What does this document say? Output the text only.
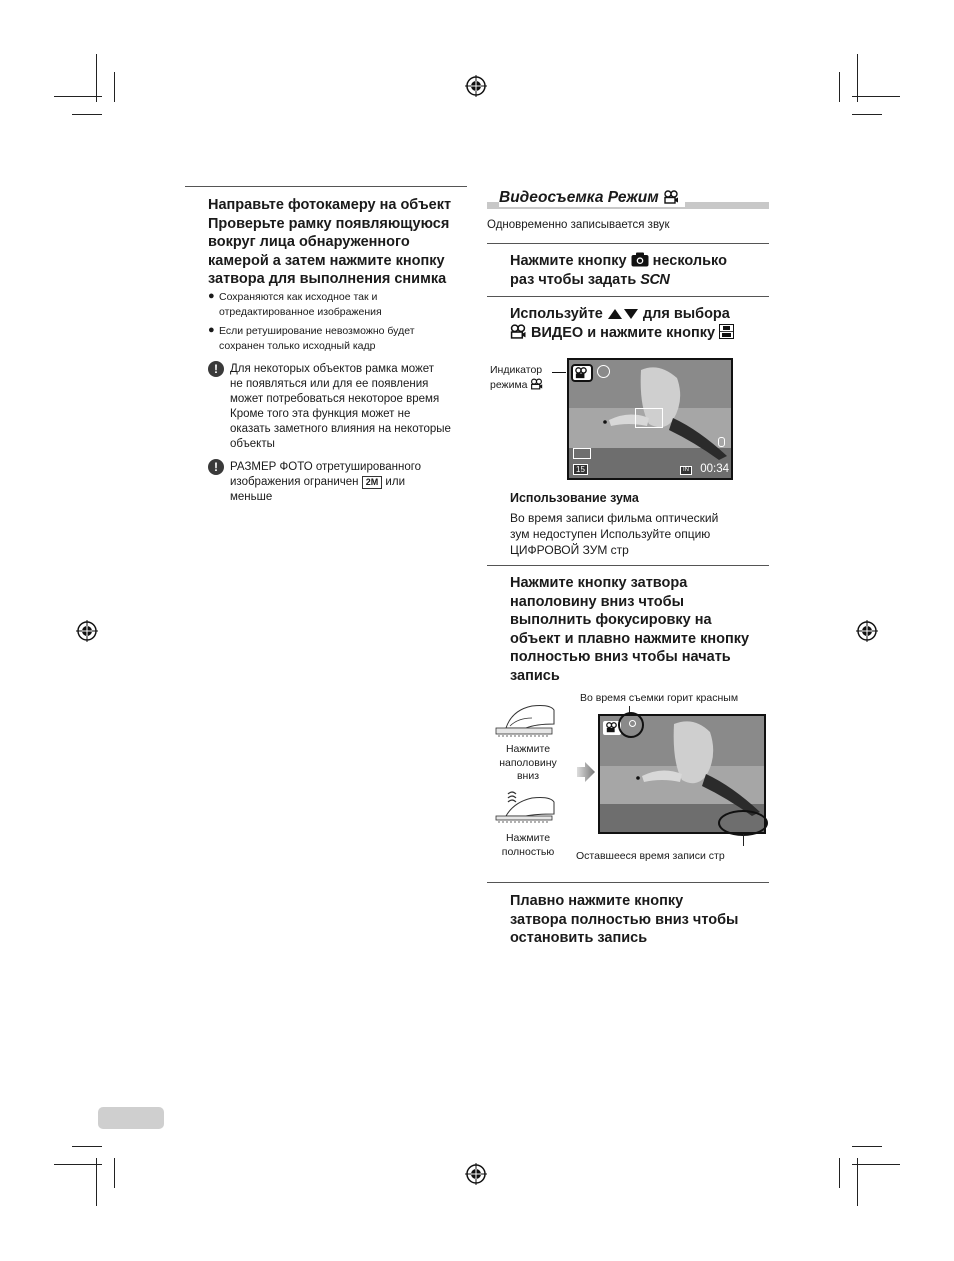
Направьте фотокамеру на объект
Проверьте рамку появляющуюся
вокруг лица обнаруженного
камерой а затем нажмите кнопку
затвора для выполнения снимка
● Сохраняются как исходное так и
отредактированное изображения
● Если ретуширование невозможно будет
сохранен только исходный кадр
!	Для некоторых объектов рамка может
не появляться или для ее появления
может потребоваться некоторое время
Кроме того эта функция может не
оказать заметного влияния на некоторые
объекты
!	РАЗМЕР ФОТО отретушированного
изображения ограничен 2M или
меньше
Видеосъемка Режим
Одновременно записывается звук
Нажмите кнопку  несколько
раз чтобы задать SCN
Используйте  для выбора
ВИДЕО и нажмите кнопку
Индикатор
режима
15	IN 00:34
Использование зума
Во время записи фильма оптический
зум недоступен Используйте опцию
ЦИФРОВОЙ ЗУМ стр
Нажмите кнопку затвора
наполовину вниз чтобы
выполнить фокусировку на
объект и плавно нажмите кнопку
полностью вниз чтобы начать
запись
Во время съемки горит красным
Нажмите
наполовину
вниз
Нажмите
полностью	Оставшееся время записи стр
Плавно нажмите кнопку
затвора полностью вниз чтобы
остановить запись
